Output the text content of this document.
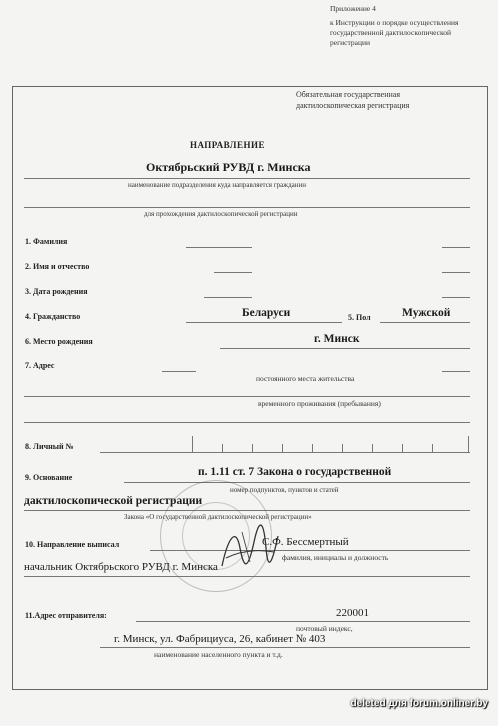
Приложение 4
к Инструкции о порядке осуществления
государственной дактилоскопической
регистрации
Обязательная государственная
дактилоскопическая регистрация
НАПРАВЛЕНИЕ
Октябрьский РУВД г. Минска
наименование подразделения куда направляется гражданин
для прохождения дактилоскопической регистрации
1. Фамилия
2. Имя и отчество
3. Дата рождения
4. Гражданство	Беларуси	5. Пол	Мужской
6. Место рождения	г. Минск
7. Адрес
постоянного места жительства
временного проживания (пребывания)
8. Личный №
9. Основание	п. 1.11 ст. 7 Закона о государственной
номер подпунктов, пунктов и статей
дактилоскопической регистрации
Закона «О государственной дактилоскопической регистрации»
10. Направление выписал	С.Ф. Бессмертный
фамилия, инициалы и должность
начальник Октябрьского РУВД г. Минска
11.Адрес отправителя:	220001
почтовый индекс,
г. Минск, ул. Фабрициуса, 26, кабинет № 403
наименование населенного пункта и т.д.
deleted для forum.onliner.by
